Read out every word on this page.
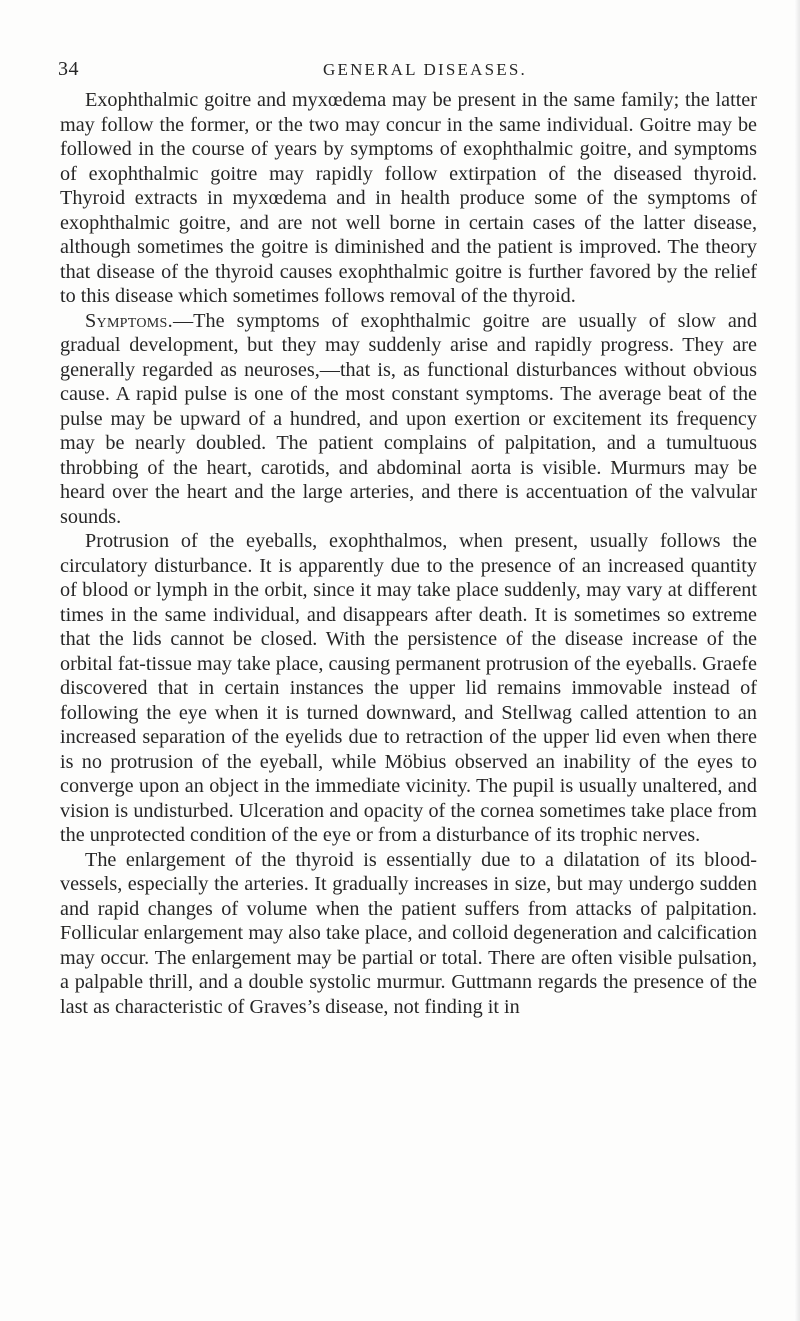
34	GENERAL DISEASES.

Exophthalmic goitre and myxœdema may be present in the same family; the latter may follow the former, or the two may concur in the same individual. Goitre may be followed in the course of years by symptoms of exophthalmic goitre, and symptoms of exophthalmic goitre may rapidly follow extirpation of the diseased thyroid. Thyroid extracts in myxœdema and in health produce some of the symptoms of exophthalmic goitre, and are not well borne in certain cases of the latter disease, although sometimes the goitre is diminished and the patient is improved. The theory that disease of the thyroid causes exophthalmic goitre is further favored by the relief to this disease which sometimes follows removal of the thyroid.

Symptoms.—The symptoms of exophthalmic goitre are usually of slow and gradual development, but they may suddenly arise and rapidly progress. They are generally regarded as neuroses,—that is, as functional disturbances without obvious cause. A rapid pulse is one of the most constant symptoms. The average beat of the pulse may be upward of a hundred, and upon exertion or excitement its frequency may be nearly doubled. The patient complains of palpitation, and a tumultuous throbbing of the heart, carotids, and abdominal aorta is visible. Murmurs may be heard over the heart and the large arteries, and there is accentuation of the valvular sounds.

Protrusion of the eyeballs, exophthalmos, when present, usually follows the circulatory disturbance. It is apparently due to the presence of an increased quantity of blood or lymph in the orbit, since it may take place suddenly, may vary at different times in the same individual, and disappears after death. It is sometimes so extreme that the lids cannot be closed. With the persistence of the disease increase of the orbital fat-tissue may take place, causing permanent protrusion of the eyeballs. Graefe discovered that in certain instances the upper lid remains immovable instead of following the eye when it is turned downward, and Stellwag called attention to an increased separation of the eyelids due to retraction of the upper lid even when there is no protrusion of the eyeball, while Möbius observed an inability of the eyes to converge upon an object in the immediate vicinity. The pupil is usually unaltered, and vision is undisturbed. Ulceration and opacity of the cornea sometimes take place from the unprotected condition of the eye or from a disturbance of its trophic nerves.

The enlargement of the thyroid is essentially due to a dilatation of its blood-vessels, especially the arteries. It gradually increases in size, but may undergo sudden and rapid changes of volume when the patient suffers from attacks of palpitation. Follicular enlargement may also take place, and colloid degeneration and calcification may occur. The enlargement may be partial or total. There are often visible pulsation, a palpable thrill, and a double systolic murmur. Guttmann regards the presence of the last as characteristic of Graves’s disease, not finding it in
